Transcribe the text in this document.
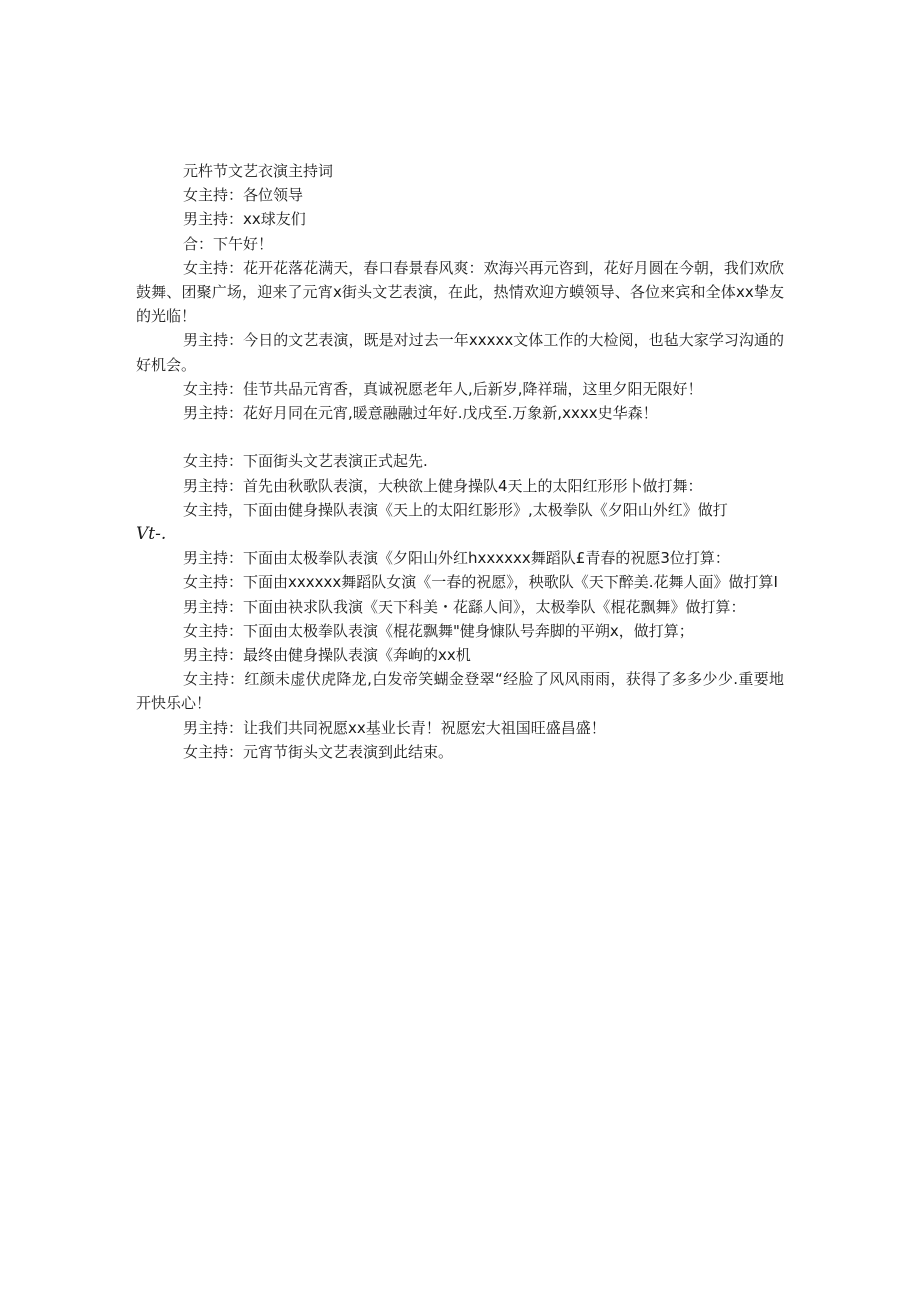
元杵节文艺衣演主持词

女主持：各位领导

男主持：xx球友们

合：下午好！

女主持：花开花落花满天，春口春景春风爽：欢海兴再元咨到，花好月圆在今朝，我们欢欣鼓舞、团聚广场，迎来了元宵x街头文艺表演，在此，热情欢迎方蟆领导、各位来宾和全体xx挚友的光临！

男主持：今日的文艺表演，既是对过去一年xxxxx文体工作的大检阅，也毡大家学习沟通的好机会。

女主持：佳节共品元宵香，真诚祝愿老年人,后新岁,降祥瑞，这里夕阳无限好！

男主持：花好月同在元宵,暖意融融过年好.戊戌至.万象新,xxxx史华森！

女主持：下面街头文艺表演正式起先.

男主持：首先由秋歌队表演，大秧欲上健身操队4天上的太阳红形形卜做打舞：

女主持，下面由健身操队表演《天上的太阳红影形》,太极拳队《夕阳山外红》做打

Vt-.

男主持：下面由太极拳队表演《夕阳山外红hxxxxxx舞蹈队£青春的祝愿3位打算：

女主持：下面由xxxxxx舞蹈队女演《一春的祝愿》，秧歌队《天下醉美.花舞人面》做打算I

男主持：下面由袂求队我演《天下科美・花繇人间》，太极拳队《棍花飘舞》做打算：

女主持：下面由太极拳队表演《棍花飘舞"健身慷队号奔脚的平朔x，做打算；

男主持：最终由健身操队表演《奔峋的xx机

女主持：红颜未虚伏虎降龙,白发帝笑蝴金登翠“经脸了风风雨雨，获得了多多少少.重要地开快乐心！

男主持：让我们共同祝愿xx基业长青！祝愿宏大祖国旺盛昌盛！

女主持：元宵节街头文艺表演到此结束。
